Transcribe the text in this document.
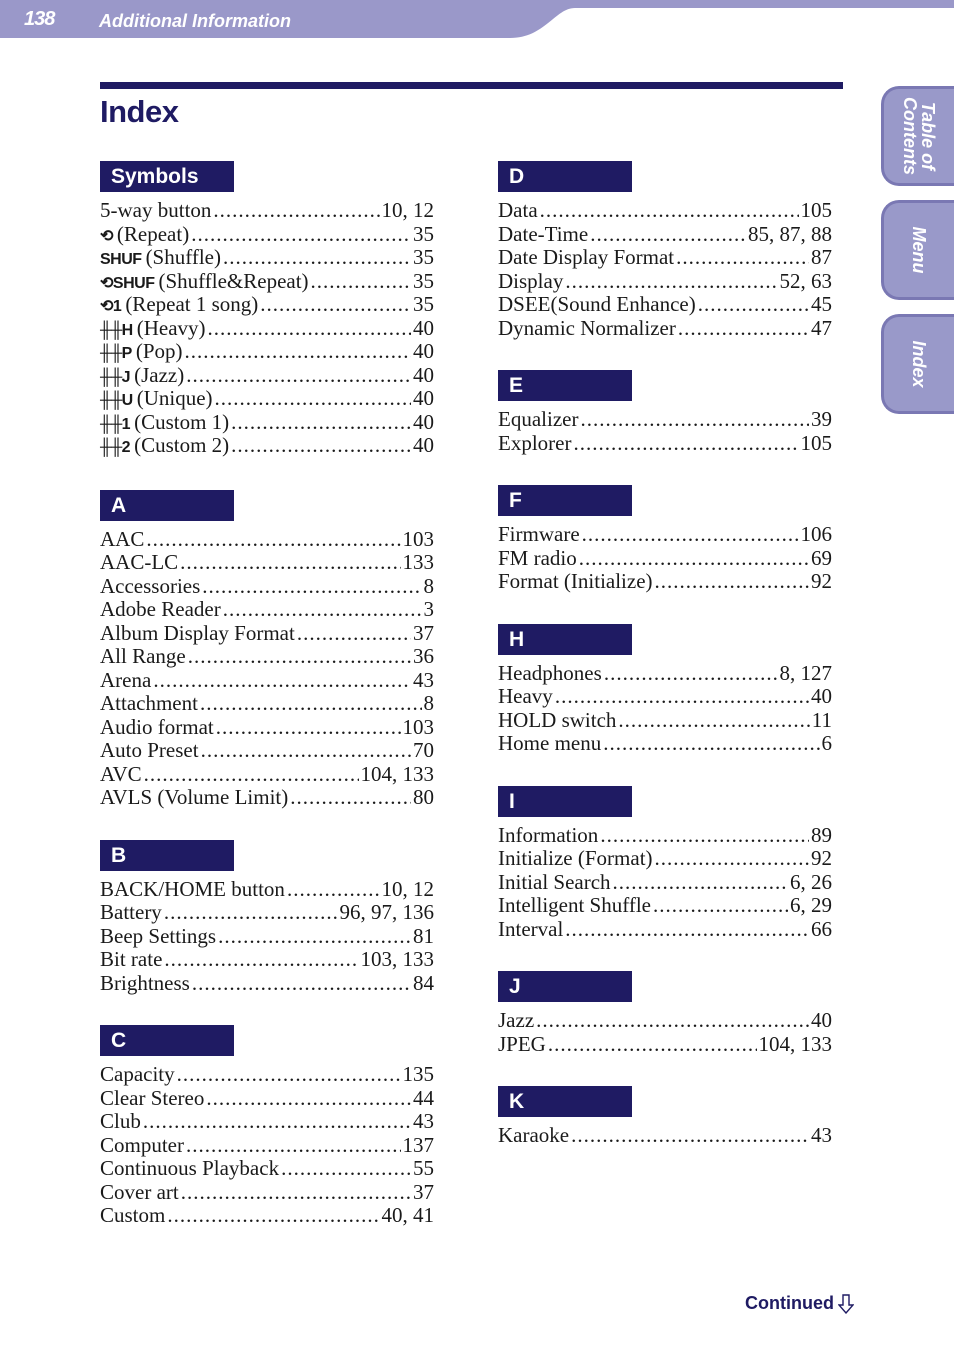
138 Additional Information
Index
Symbols
5-way button .....	10, 12
⟲ (Repeat) .....	35
SHUF (Shuffle) .....	35
⟲SHUF (Shuffle&Repeat) .....	35
⟲1 (Repeat 1 song) .....	35
╫╫H (Heavy) .....	40
╫╫P (Pop) .....	40
╫╫J (Jazz) .....	40
╫╫U (Unique) .....	40
╫╫1 (Custom 1) .....	40
╫╫2 (Custom 2) .....	40
A
AAC .....	103
AAC-LC .....	133
Accessories .....	8
Adobe Reader .....	3
Album Display Format .....	37
All Range .....	36
Arena .....	43
Attachment .....	8
Audio format .....	103
Auto Preset .....	70
AVC .....	104, 133
AVLS (Volume Limit) .....	80
B
BACK/HOME button .....	10, 12
Battery .....	96, 97, 136
Beep Settings .....	81
Bit rate .....	103, 133
Brightness .....	84
C
Capacity .....	135
Clear Stereo .....	44
Club .....	43
Computer .....	137
Continuous Playback .....	55
Cover art .....	37
Custom .....	40, 41
D
Data .....	105
Date-Time .....	85, 87, 88
Date Display Format .....	87
Display .....	52, 63
DSEE(Sound Enhance) .....	45
Dynamic Normalizer .....	47
E
Equalizer .....	39
Explorer .....	105
F
Firmware .....	106
FM radio .....	69
Format (Initialize) .....	92
H
Headphones .....	8, 127
Heavy .....	40
HOLD switch .....	11
Home menu .....	6
I
Information .....	89
Initialize (Format) .....	92
Initial Search .....	6, 26
Intelligent Shuffle .....	6, 29
Interval .....	66
J
Jazz .....	40
JPEG .....	104, 133
K
Karaoke .....	43
Table of Contents
Menu
Index
Continued
